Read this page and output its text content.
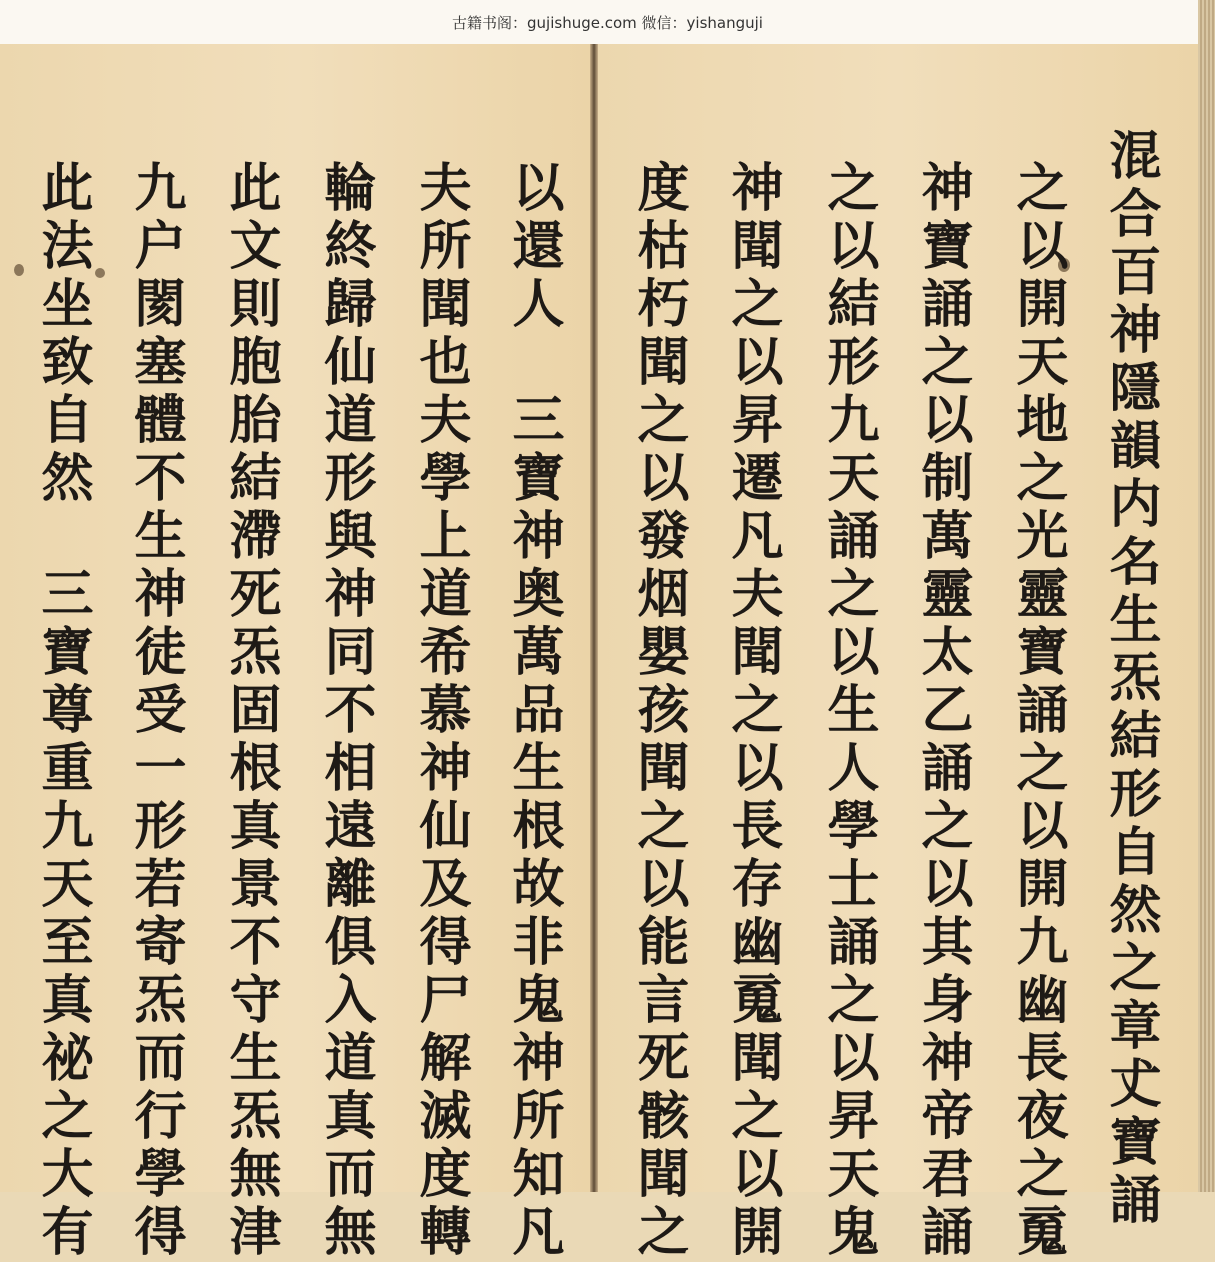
古籍书阁：gujishuge.com 微信：yishanguji

混合百神隱韻内名生炁結形自然之章𠀋寶誦
之以開天地之光靈寶誦之以開九幽長夜之䰟
神寶誦之以制萬靈太乙誦之以其身神帝君誦
之以結形九天誦之以生人學士誦之以昇天鬼
神聞之以昇遷凡夫聞之以長存幽䰟聞之以開
度枯朽聞之以發烟嬰孩聞之以能言死骸聞之
以還人　三寶神奥萬品生根故非鬼神所知凡
夫所聞也夫學上道希慕神仙及得尸解滅度轉
輪終歸仙道形與神同不相遠離俱入道真而無
此文則胞胎結滯死炁固根真景不守生炁無津
九户閡塞體不生神徒受一形若寄炁而行學得
此法坐致自然　三寶尊重九天至真祕之大有
